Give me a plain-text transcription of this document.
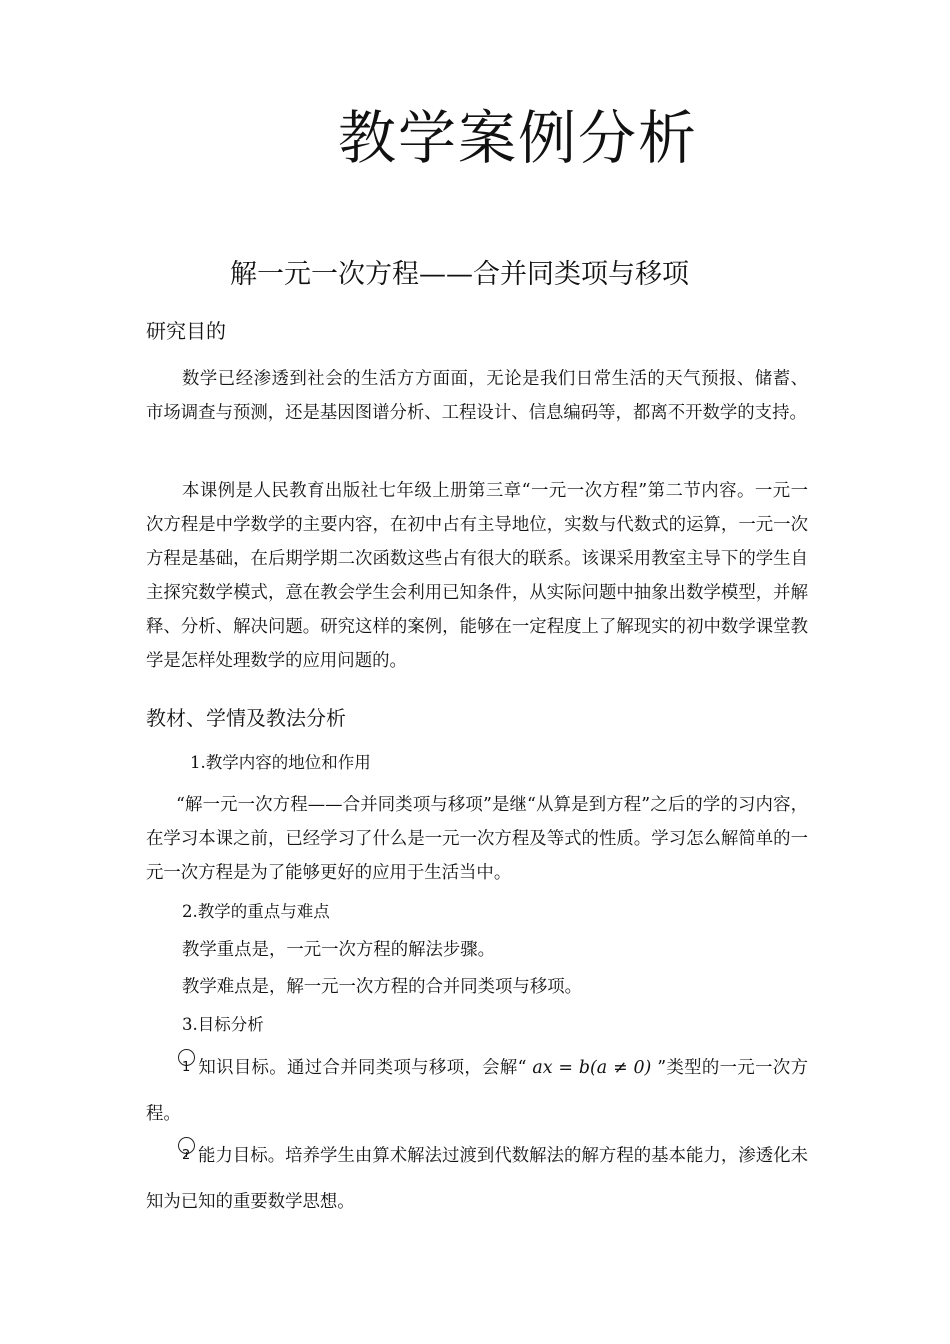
教学案例分析
解一元一次方程——合并同类项与移项
研究目的
数学已经渗透到社会的生活方方面面，无论是我们日常生活的天气预报、储蓄、市场调查与预测，还是基因图谱分析、工程设计、信息编码等，都离不开数学的支持。
本课例是人民教育出版社七年级上册第三章“一元一次方程”第二节内容。一元一次方程是中学数学的主要内容，在初中占有主导地位，实数与代数式的运算，一元一次方程是基础，在后期学期二次函数这些占有很大的联系。该课采用教室主导下的学生自主探究数学模式，意在教会学生会利用已知条件，从实际问题中抽象出数学模型，并解释、分析、解决问题。研究这样的案例，能够在一定程度上了解现实的初中数学课堂教学是怎样处理数学的应用问题的。
教材、学情及教法分析
1.教学内容的地位和作用
“解一元一次方程——合并同类项与移项”是继“从算是到方程”之后的学的习内容，在学习本课之前，已经学习了什么是一元一次方程及等式的性质。学习怎么解简单的一元一次方程是为了能够更好的应用于生活当中。
2.教学的重点与难点
教学重点是，一元一次方程的解法步骤。
教学难点是，解一元一次方程的合并同类项与移项。
3.目标分析
1 知识目标。通过合并同类项与移项，会解“ ax = b(a ≠ 0) ”类型的一元一次方程。
2 能力目标。培养学生由算术解法过渡到代数解法的解方程的基本能力，渗透化未知为已知的重要数学思想。
